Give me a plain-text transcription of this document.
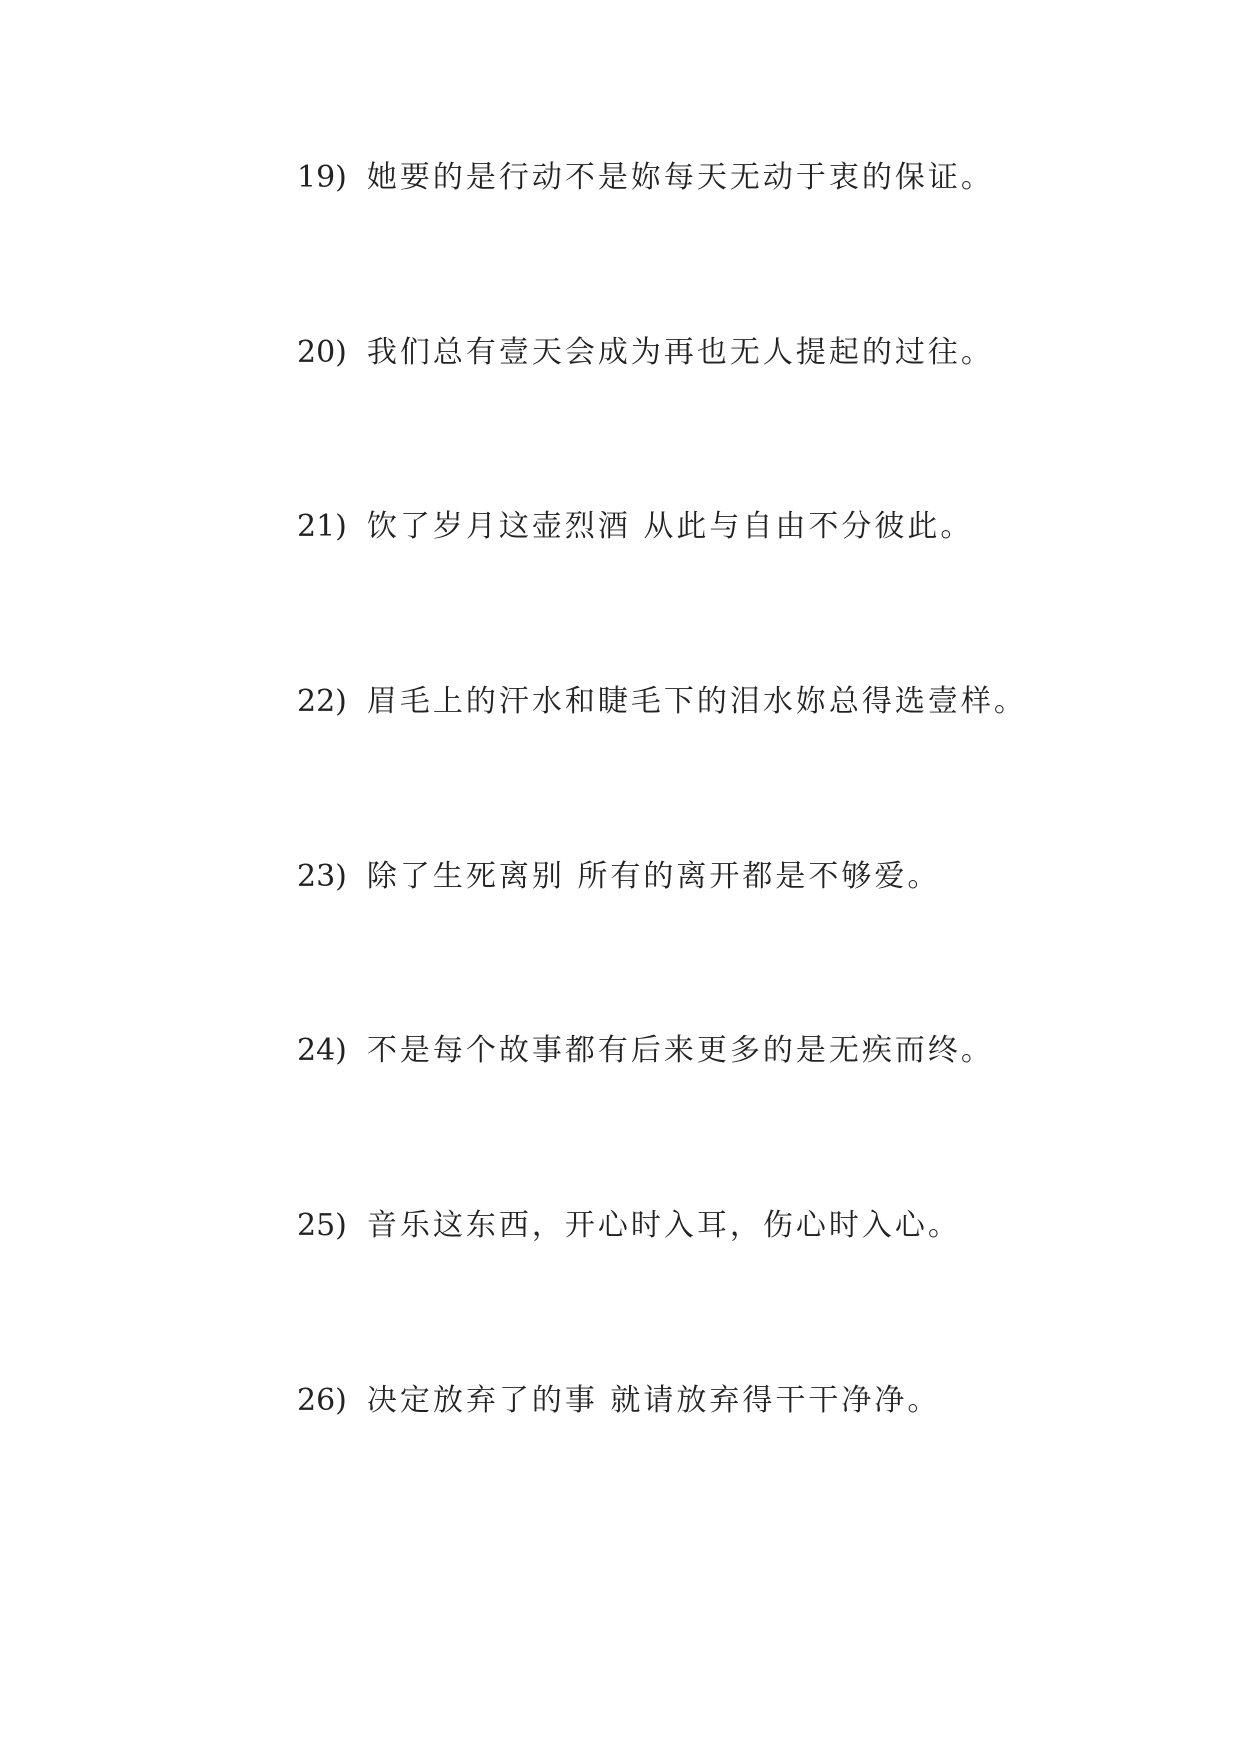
19) 她要的是行动不是妳每天无动于衷的保证。
20) 我们总有壹天会成为再也无人提起的过往。
21) 饮了岁月这壶烈酒 从此与自由不分彼此。
22) 眉毛上的汗水和睫毛下的泪水妳总得选壹样。
23) 除了生死离别 所有的离开都是不够爱。
24) 不是每个故事都有后来更多的是无疾而终。
25) 音乐这东西，开心时入耳，伤心时入心。
26) 决定放弃了的事 就请放弃得干干净净。
